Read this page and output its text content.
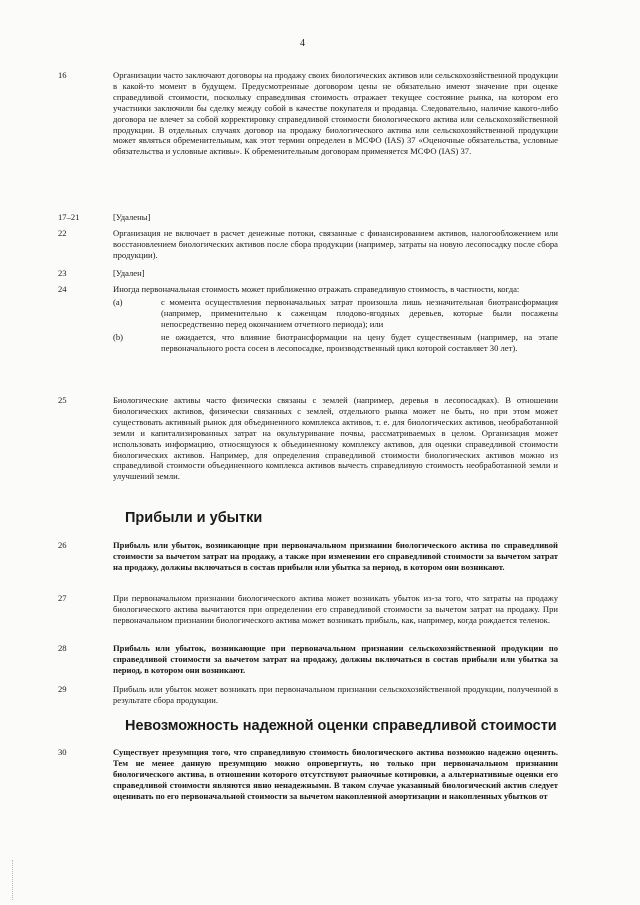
4
16	Организации часто заключают договоры на продажу своих биологических активов или сельскохозяйственной продукции в какой-то момент в будущем. Предусмотренные договором цены не обязательно имеют значение при оценке справедливой стоимости, поскольку справедливая стоимость отражает текущее состояние рынка, на котором его участники заключили бы сделку между собой в качестве покупателя и продавца. Следовательно, наличие какого-либо договора не влечет за собой корректировку справедливой стоимости биологического актива или сельскохозяйственной продукции. В отдельных случаях договор на продажу биологического актива или сельскохозяйственной продукции может являться обременительным, как этот термин определен в МСФО (IAS) 37 «Оценочные обязательства, условные обязательства и условные активы». К обременительным договорам применяется МСФО (IAS) 37.
17–21	[Удалены]
22	Организация не включает в расчет денежные потоки, связанные с финансированием активов, налогообложением или восстановлением биологических активов после сбора продукции (например, затраты на новую лесопосадку после сбора продукции).
23	[Удален]
24	Иногда первоначальная стоимость может приближенно отражать справедливую стоимость, в частности, когда:
(а)	с момента осуществления первоначальных затрат произошла лишь незначительная биотрансформация (например, применительно к саженцам плодово-ягодных деревьев, которые были посажены непосредственно перед окончанием отчетного периода); или
(b)	не ожидается, что влияние биотрансформации на цену будет существенным (например, на этапе первоначального роста сосен в лесопосадке, производственный цикл которой составляет 30 лет).
25	Биологические активы часто физически связаны с землей (например, деревья в лесопосадках). В отношении биологических активов, физически связанных с землей, отдельного рынка может не быть, но при этом может существовать активный рынок для объединенного комплекса активов, т. е. для биологических активов, необработанной земли и капитализированных затрат на окультуривание почвы, рассматриваемых в целом. Организация может использовать информацию, относящуюся к объединенному комплексу активов, для оценки справедливой стоимости биологических активов. Например, для определения справедливой стоимости биологических активов можно из справедливой стоимости объединенного комплекса активов вычесть справедливую стоимость необработанной земли и улучшений земли.
Прибыли и убытки
26	Прибыль или убыток, возникающие при первоначальном признании биологического актива по справедливой стоимости за вычетом затрат на продажу, а также при изменении его справедливой стоимости за вычетом затрат на продажу, должны включаться в состав прибыли или убытка за период, в котором они возникают.
27	При первоначальном признании биологического актива может возникать убыток из-за того, что затраты на продажу биологического актива вычитаются при определении его справедливой стоимости за вычетом затрат на продажу. При первоначальном признании биологического актива может возникать прибыль, как, например, когда рождается теленок.
28	Прибыль или убыток, возникающие при первоначальном признании сельскохозяйственной продукции по справедливой стоимости за вычетом затрат на продажу, должны включаться в состав прибыли или убытка за период, в котором они возникают.
29	Прибыль или убыток может возникать при первоначальном признании сельскохозяйственной продукции, полученной в результате сбора продукции.
Невозможность надежной оценки справедливой стоимости
30	Существует презумпция того, что справедливую стоимость биологического актива возможно надежно оценить. Тем не менее данную презумпцию можно опровергнуть, но только при первоначальном признании биологического актива, в отношении которого отсутствуют рыночные котировки, а альтернативные оценки его справедливой стоимости являются явно ненадежными. В таком случае указанный биологический актив следует оценивать по его первоначальной стоимости за вычетом накопленной амортизации и накопленных убытков от
